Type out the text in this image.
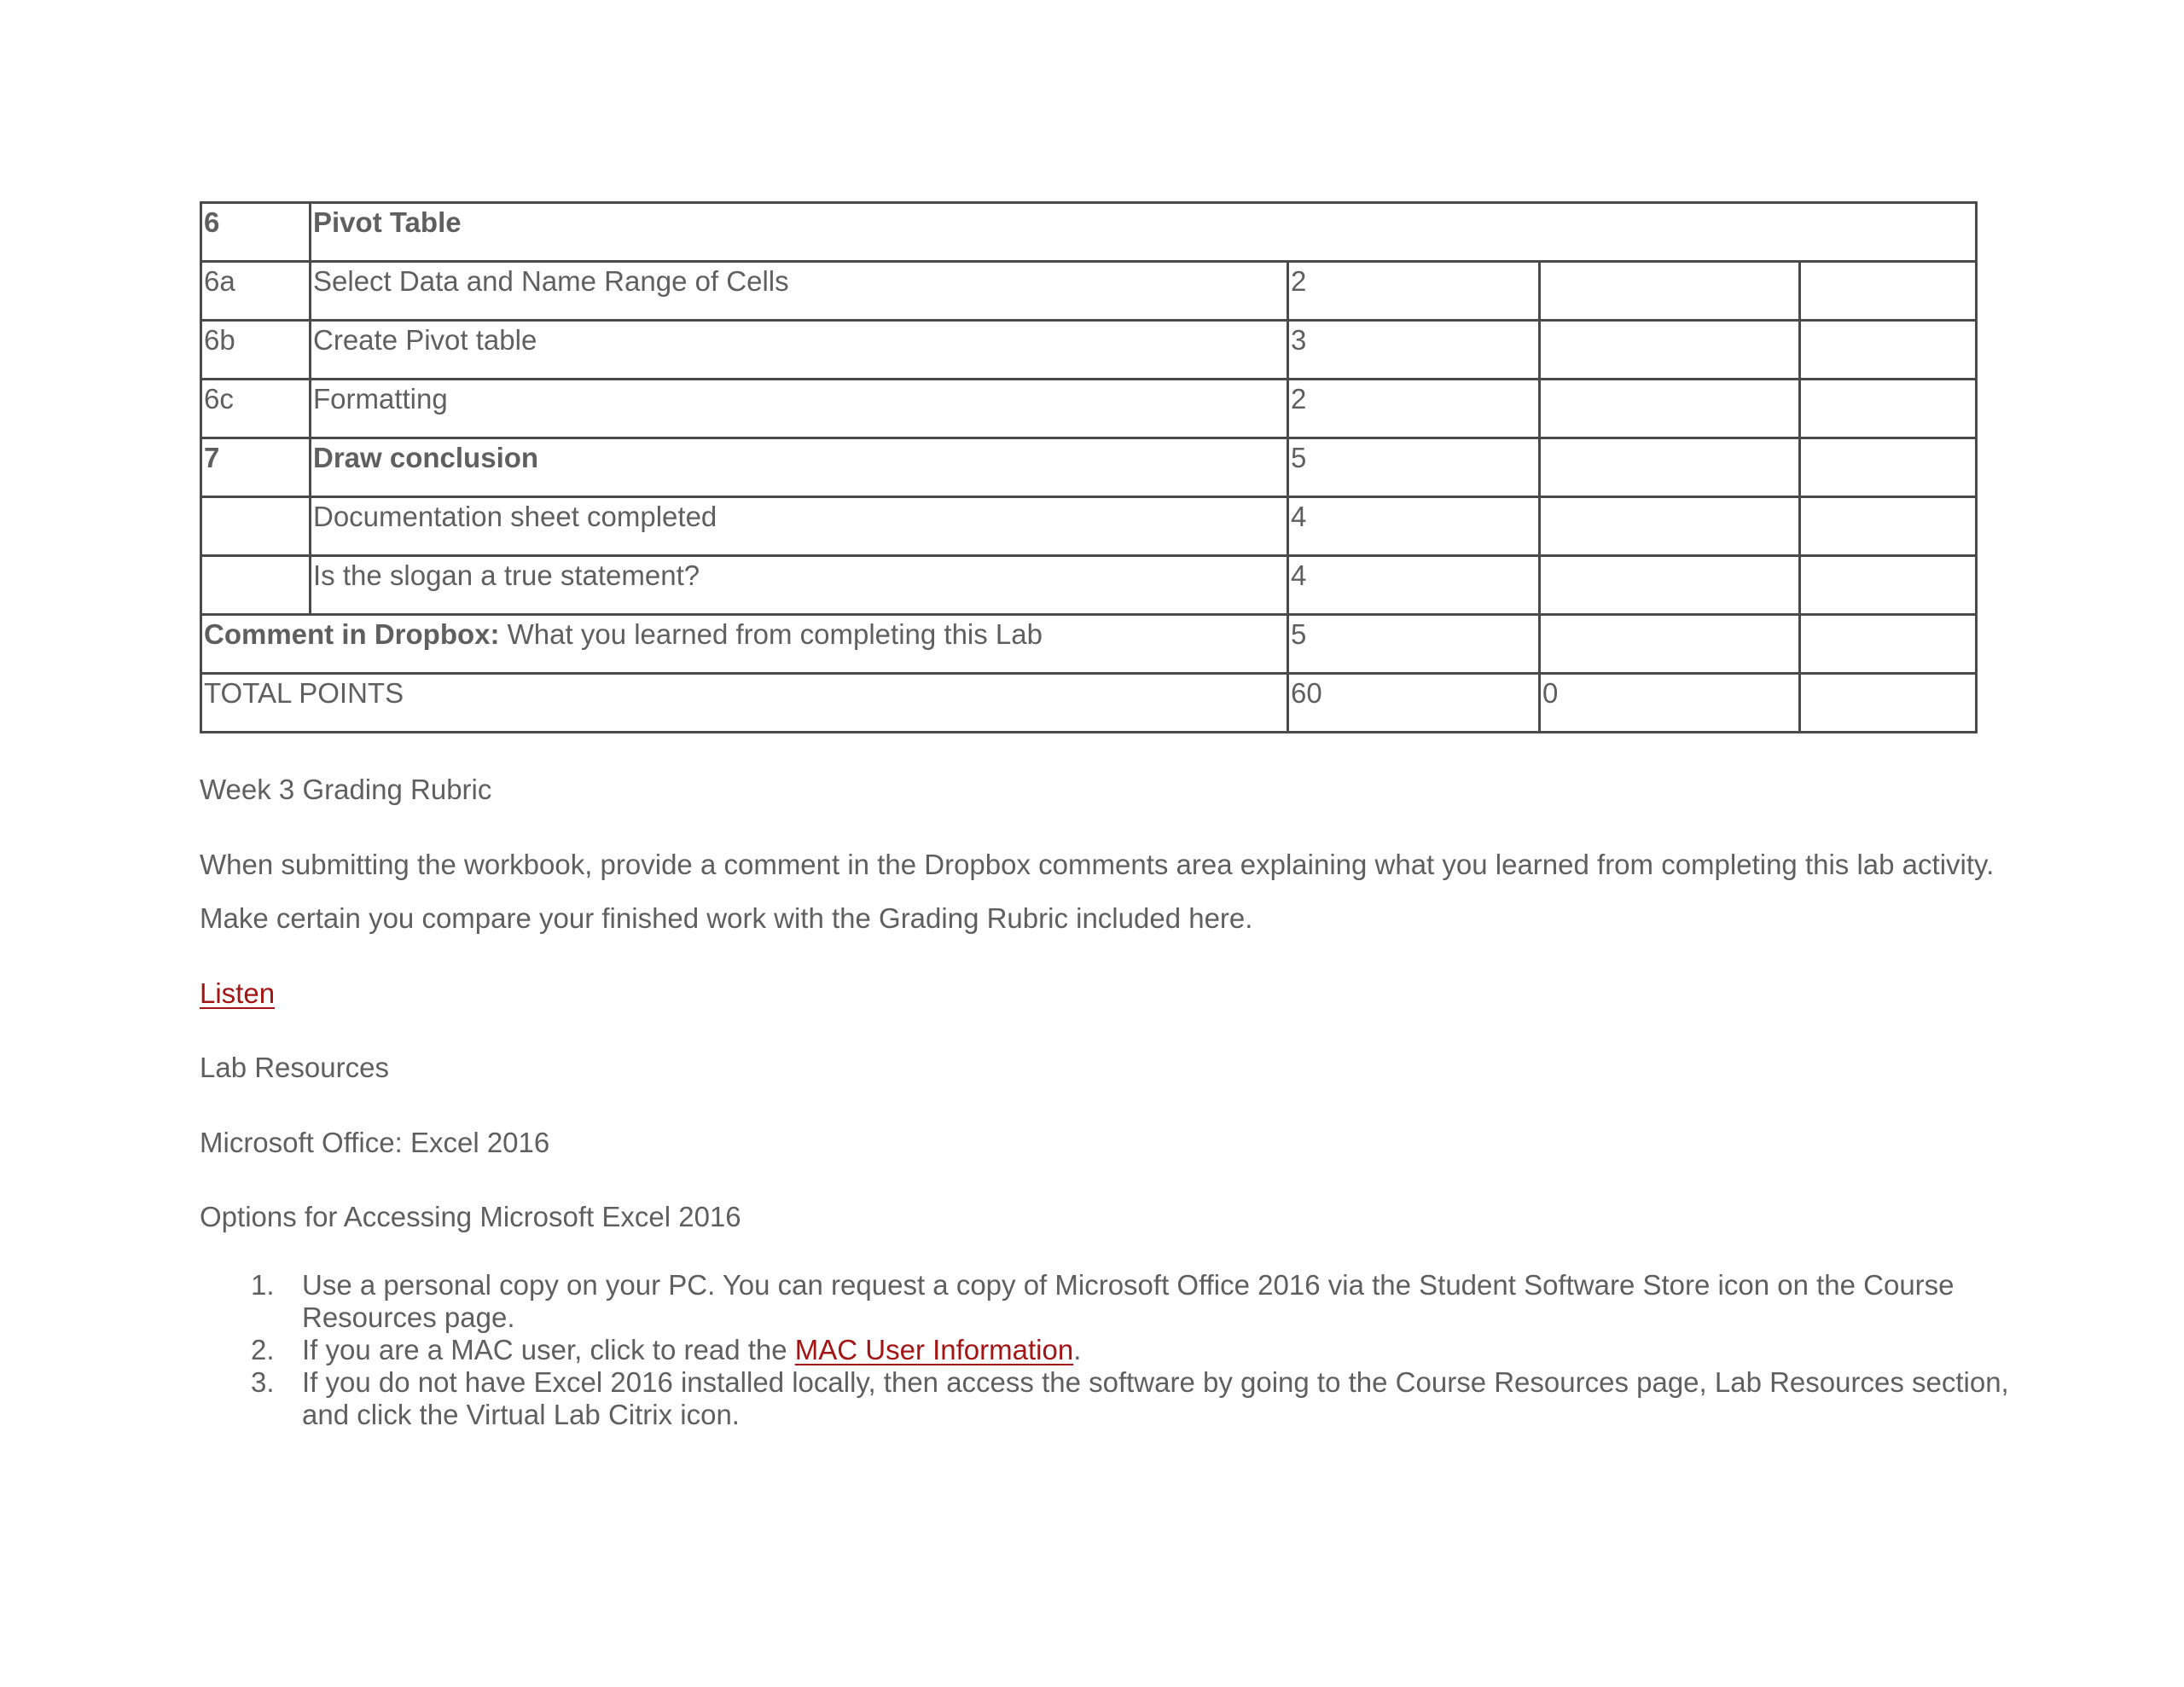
6	Pivot Table			
6a	Select Data and Name Range of Cells	2		
6b	Create Pivot table	3		
6c	Formatting	2		
7	Draw conclusion	5		
	Documentation sheet completed	4		
	Is the slogan a true statement?	4		
Comment in Dropbox: What you learned from completing this Lab		5		
TOTAL POINTS		60	0	

Week 3 Grading Rubric

When submitting the workbook, provide a comment in the Dropbox comments area explaining what you learned from completing this lab activity.

Make certain you compare your finished work with the Grading Rubric included here.

Listen

Lab Resources

Microsoft Office: Excel 2016

Options for Accessing Microsoft Excel 2016

1. Use a personal copy on your PC. You can request a copy of Microsoft Office 2016 via the Student Software Store icon on the Course Resources page.
2. If you are a MAC user, click to read the MAC User Information.
3. If you do not have Excel 2016 installed locally, then access the software by going to the Course Resources page, Lab Resources section, and click the Virtual Lab Citrix icon.
